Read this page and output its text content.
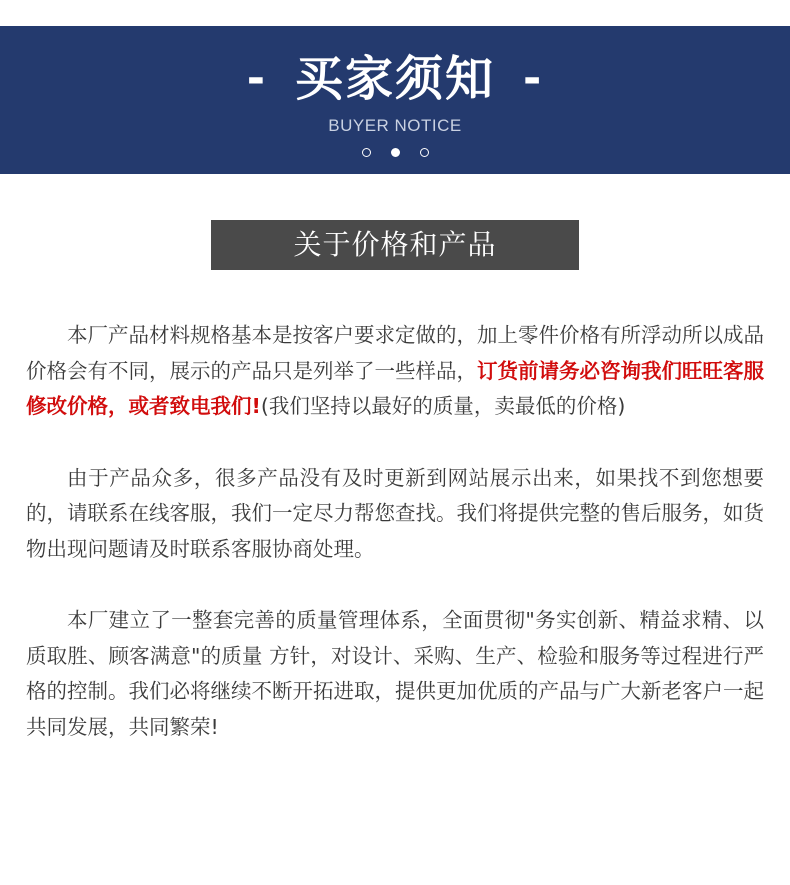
- 买家须知 -
BUYER NOTICE
关于价格和产品

本厂产品材料规格基本是按客户要求定做的，加上零件价格有所浮动所以成品价格会有不同，展示的产品只是列举了一些样品，订货前请务必咨询我们旺旺客服修改价格，或者致电我们!(我们坚持以最好的质量，卖最低的价格)

由于产品众多，很多产品没有及时更新到网站展示出来，如果找不到您想要的，请联系在线客服，我们一定尽力帮您查找。我们将提供完整的售后服务，如货物出现问题请及时联系客服协商处理。

本厂建立了一整套完善的质量管理体系，全面贯彻"务实创新、精益求精、以质取胜、顾客满意"的质量 方针，对设计、采购、生产、检验和服务等过程进行严格的控制。我们必将继续不断开拓进取，提供更加优质的产品与广大新老客户一起共同发展，共同繁荣!
